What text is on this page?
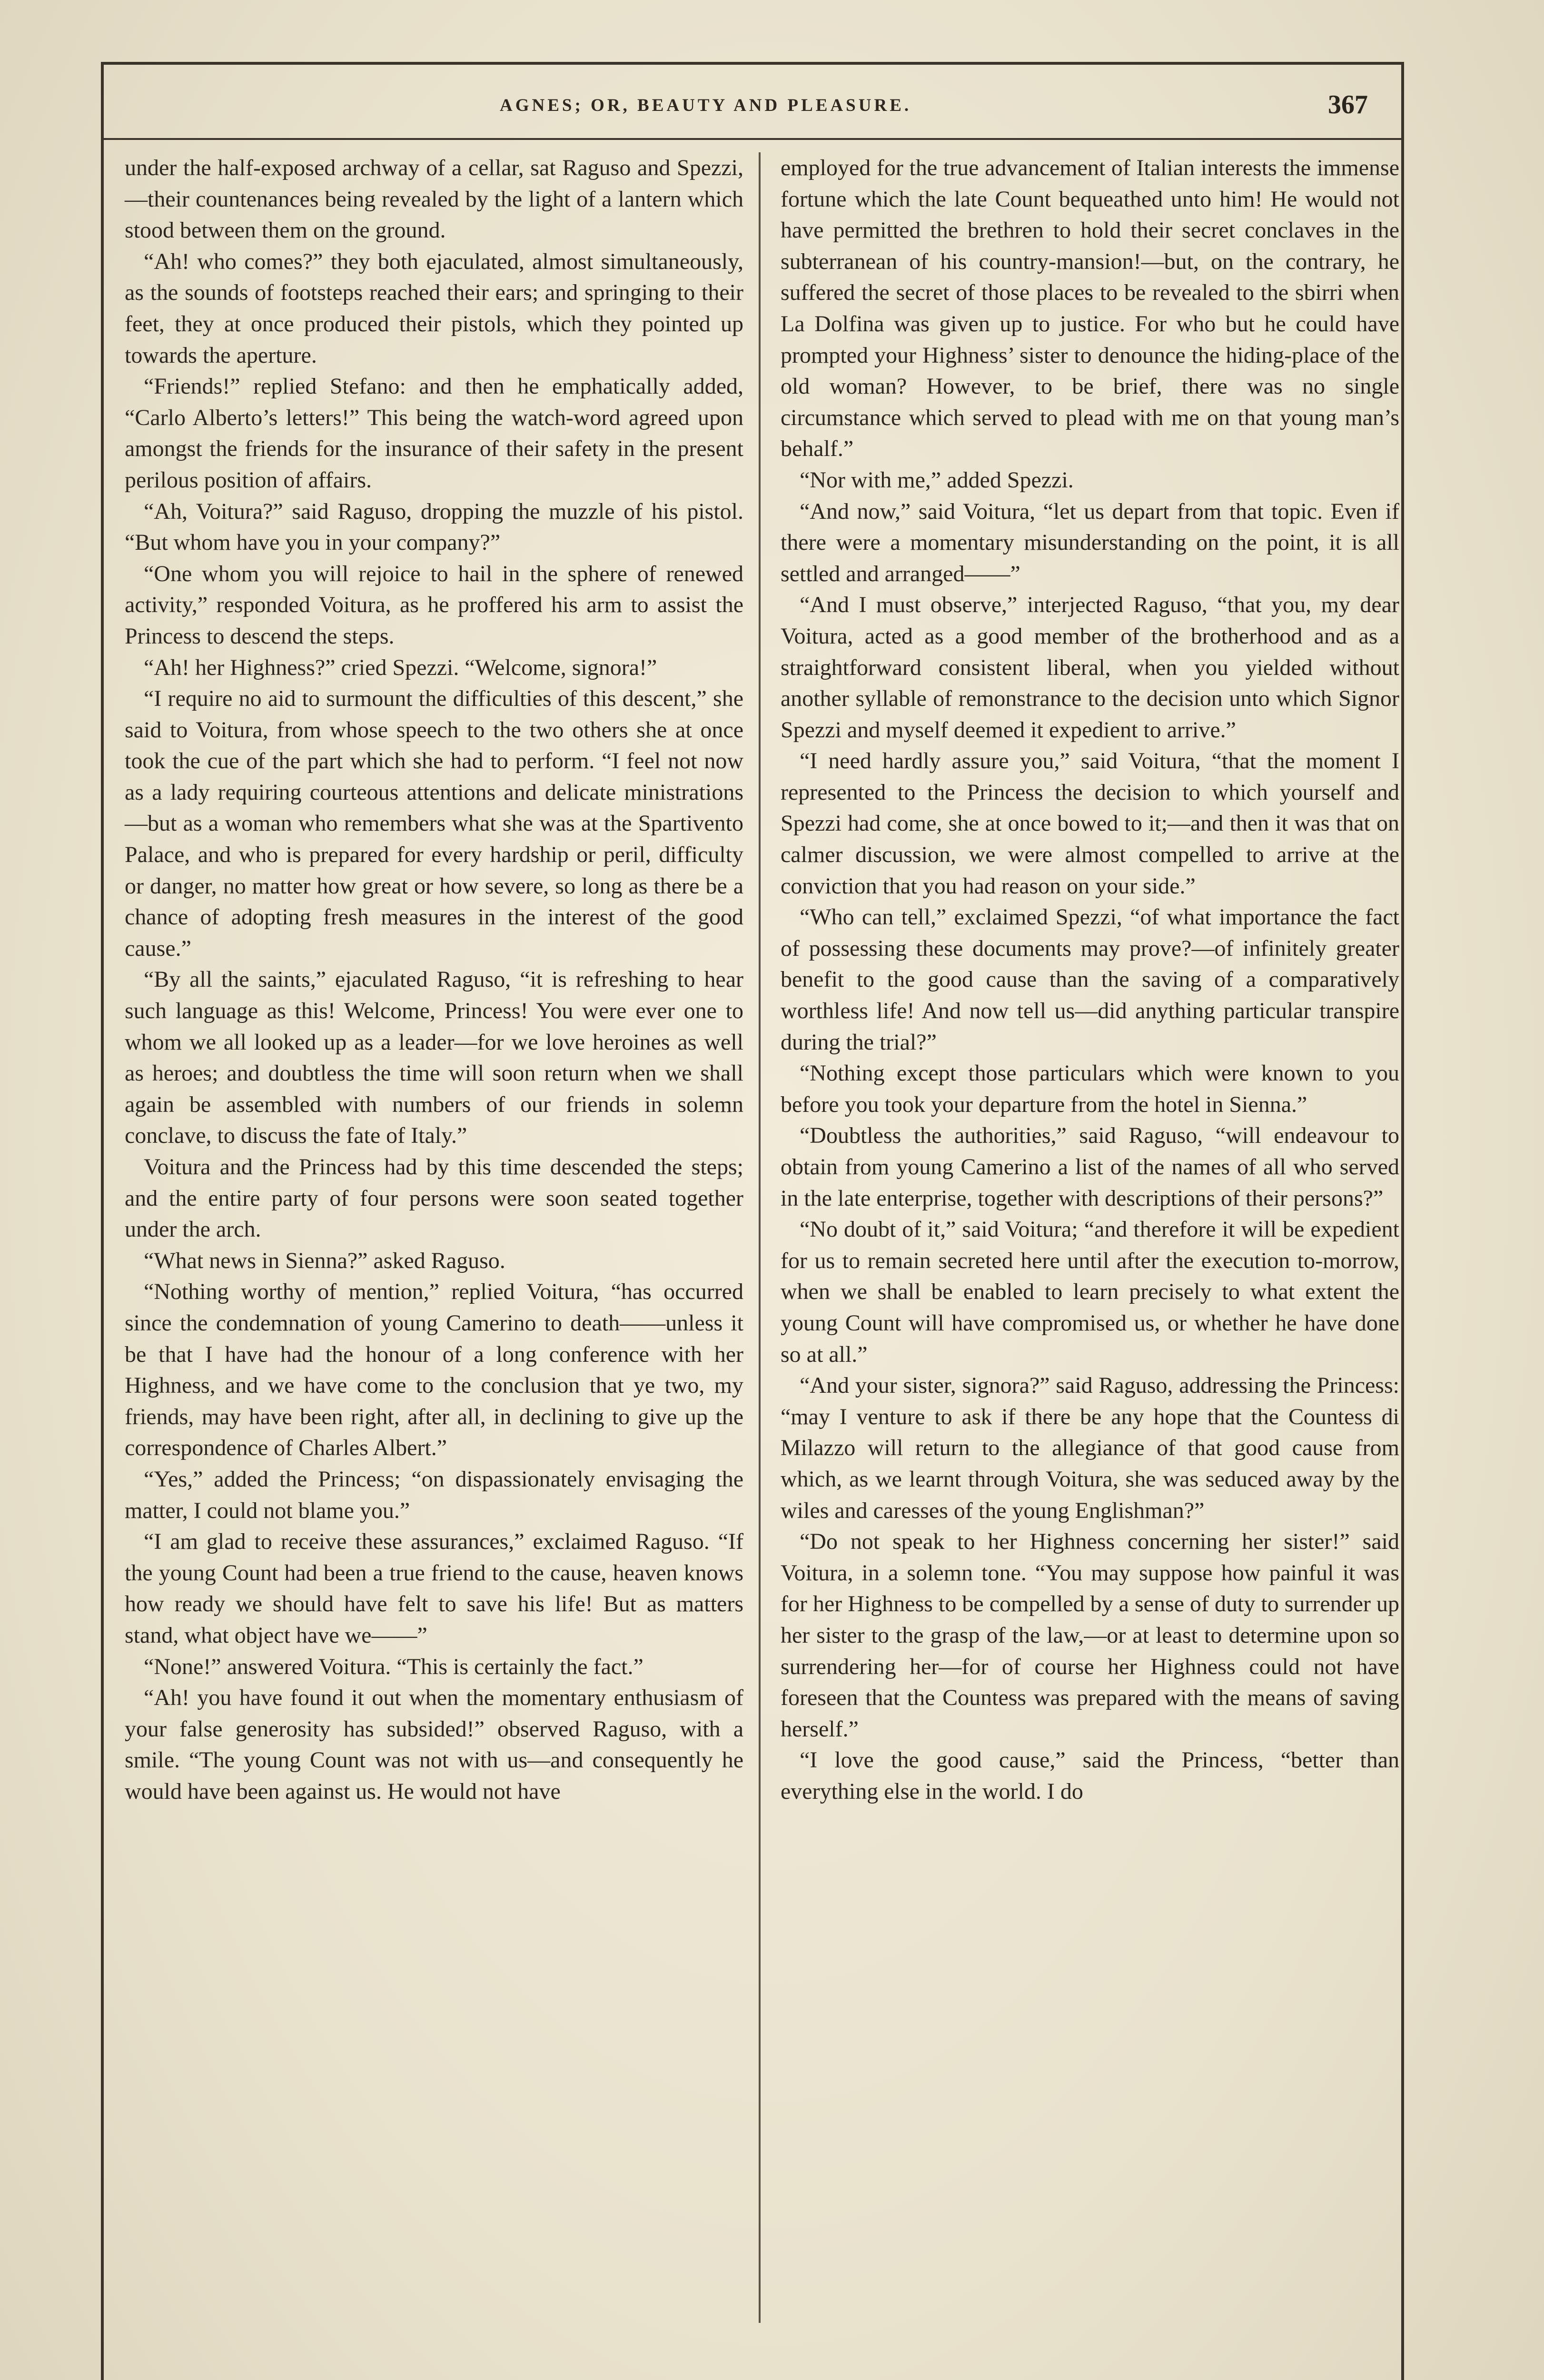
AGNES; OR, BEAUTY AND PLEASURE.	367

under the half-exposed archway of a cellar, sat Raguso and Spezzi,—their countenances being revealed by the light of a lantern which stood between them on the ground.

“Ah! who comes?” they both ejaculated, almost simultaneously, as the sounds of footsteps reached their ears; and springing to their feet, they at once produced their pistols, which they pointed up towards the aperture.

“Friends!” replied Stefano: and then he emphatically added, “Carlo Alberto’s letters!” This being the watch-word agreed upon amongst the friends for the insurance of their safety in the present perilous position of affairs.

“Ah, Voitura?” said Raguso, dropping the muzzle of his pistol. “But whom have you in your company?”

“One whom you will rejoice to hail in the sphere of renewed activity,” responded Voitura, as he proffered his arm to assist the Princess to descend the steps.

“Ah! her Highness?” cried Spezzi. “Welcome, signora!”

“I require no aid to surmount the difficulties of this descent,” she said to Voitura, from whose speech to the two others she at once took the cue of the part which she had to perform. “I feel not now as a lady requiring courteous attentions and delicate ministrations—but as a woman who remembers what she was at the Spartivento Palace, and who is prepared for every hardship or peril, difficulty or danger, no matter how great or how severe, so long as there be a chance of adopting fresh measures in the interest of the good cause.”

“By all the saints,” ejaculated Raguso, “it is refreshing to hear such language as this! Welcome, Princess! You were ever one to whom we all looked up as a leader—for we love heroines as well as heroes; and doubtless the time will soon return when we shall again be assembled with numbers of our friends in solemn conclave, to discuss the fate of Italy.”

Voitura and the Princess had by this time descended the steps; and the entire party of four persons were soon seated together under the arch.

“What news in Sienna?” asked Raguso.

“Nothing worthy of mention,” replied Voitura, “has occurred since the condemnation of young Camerino to death——unless it be that I have had the honour of a long conference with her Highness, and we have come to the conclusion that ye two, my friends, may have been right, after all, in declining to give up the correspondence of Charles Albert.”

“Yes,” added the Princess; “on dispassionately envisaging the matter, I could not blame you.”

“I am glad to receive these assurances,” exclaimed Raguso. “If the young Count had been a true friend to the cause, heaven knows how ready we should have felt to save his life! But as matters stand, what object have we——”

“None!” answered Voitura. “This is certainly the fact.”

“Ah! you have found it out when the momentary enthusiasm of your false generosity has subsided!” observed Raguso, with a smile. “The young Count was not with us—and consequently he would have been against us. He would not have

employed for the true advancement of Italian interests the immense fortune which the late Count bequeathed unto him! He would not have permitted the brethren to hold their secret conclaves in the subterranean of his country-mansion!—but, on the contrary, he suffered the secret of those places to be revealed to the sbirri when La Dolfina was given up to justice. For who but he could have prompted your Highness’ sister to denounce the hiding-place of the old woman? However, to be brief, there was no single circumstance which served to plead with me on that young man’s behalf.”

“Nor with me,” added Spezzi.

“And now,” said Voitura, “let us depart from that topic. Even if there were a momentary misunderstanding on the point, it is all settled and arranged——”

“And I must observe,” interjected Raguso, “that you, my dear Voitura, acted as a good member of the brotherhood and as a straightforward consistent liberal, when you yielded without another syllable of remonstrance to the decision unto which Signor Spezzi and myself deemed it expedient to arrive.”

“I need hardly assure you,” said Voitura, “that the moment I represented to the Princess the decision to which yourself and Spezzi had come, she at once bowed to it;—and then it was that on calmer discussion, we were almost compelled to arrive at the conviction that you had reason on your side.”

“Who can tell,” exclaimed Spezzi, “of what importance the fact of possessing these documents may prove?—of infinitely greater benefit to the good cause than the saving of a comparatively worthless life! And now tell us—did anything particular transpire during the trial?”

“Nothing except those particulars which were known to you before you took your departure from the hotel in Sienna.”

“Doubtless the authorities,” said Raguso, “will endeavour to obtain from young Camerino a list of the names of all who served in the late enterprise, together with descriptions of their persons?”

“No doubt of it,” said Voitura; “and therefore it will be expedient for us to remain secreted here until after the execution to-morrow, when we shall be enabled to learn precisely to what extent the young Count will have compromised us, or whether he have done so at all.”

“And your sister, signora?” said Raguso, addressing the Princess: “may I venture to ask if there be any hope that the Countess di Milazzo will return to the allegiance of that good cause from which, as we learnt through Voitura, she was seduced away by the wiles and caresses of the young Englishman?”

“Do not speak to her Highness concerning her sister!” said Voitura, in a solemn tone. “You may suppose how painful it was for her Highness to be compelled by a sense of duty to surrender up her sister to the grasp of the law,—or at least to determine upon so surrendering her—for of course her Highness could not have foreseen that the Countess was prepared with the means of saving herself.”

“I love the good cause,” said the Princess, “better than everything else in the world. I do
